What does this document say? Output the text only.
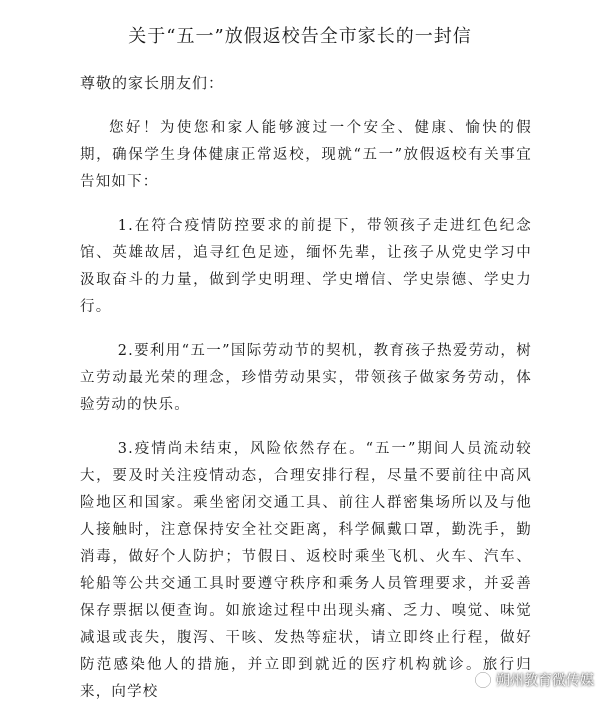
关于“五一”放假返校告全市家长的一封信
尊敬的家长朋友们：

您好！为使您和家人能够渡过一个安全、健康、愉快的假期，确保学生身体健康正常返校，现就“五一”放假返校有关事宜告知如下：

1.在符合疫情防控要求的前提下，带领孩子走进红色纪念馆、英雄故居，追寻红色足迹，缅怀先辈，让孩子从党史学习中汲取奋斗的力量，做到学史明理、学史增信、学史崇德、学史力行。

2.要利用“五一”国际劳动节的契机，教育孩子热爱劳动，树立劳动最光荣的理念，珍惜劳动果实，带领孩子做家务劳动，体验劳动的快乐。

3.疫情尚未结束，风险依然存在。“五一”期间人员流动较大，要及时关注疫情动态，合理安排行程，尽量不要前往中高风险地区和国家。乘坐密闭交通工具、前往人群密集场所以及与他人接触时，注意保持安全社交距离，科学佩戴口罩，勤洗手，勤消毒，做好个人防护；节假日、返校时乘坐飞机、火车、汽车、轮船等公共交通工具时要遵守秩序和乘务人员管理要求，并妥善保存票据以便查询。如旅途过程中出现头痛、乏力、嗅觉、味觉减退或丧失，腹泻、干咳、发热等症状，请立即终止行程，做好防范感染他人的措施，并立即到就近的医疗机构就诊。旅行归来，向学校

朔州教育微传媒
